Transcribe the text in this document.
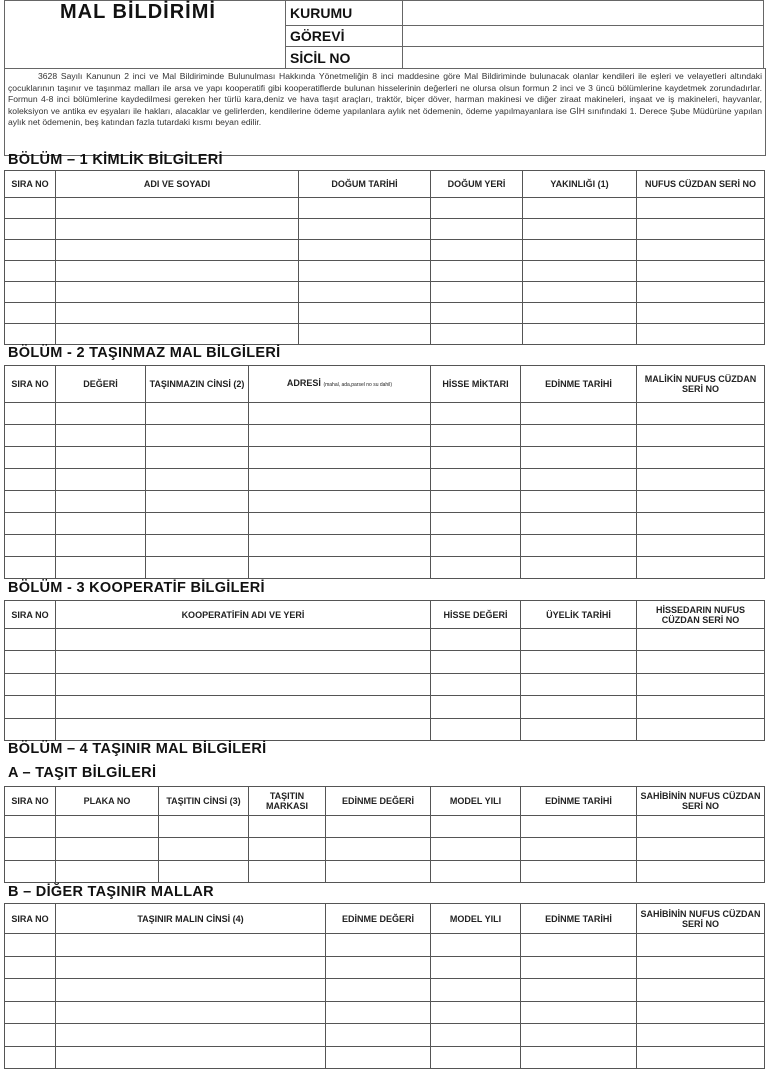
MAL BİLDİRİMİ	KURUMU	
	GÖREVİ	
	SİCİL NO	
3628 Sayılı Kanunun 2 inci ve Mal Bildiriminde Bulunulması Hakkında Yönetmeliğin 8 inci maddesine göre Mal Bildiriminde bulunacak olanlar kendileri ile eşleri ve velayetleri altındaki çocuklarının taşınır ve taşınmaz malları ile arsa ve yapı kooperatifi gibi kooperatiflerde bulunan hisselerinin değerleri ne olursa olsun formun 2 inci ve 3 üncü bölümlerine kaydetmek zorundadırlar. Formun 4-8 inci bölümlerine kaydedilmesi gereken her türlü kara,deniz ve hava taşıt araçları, traktör, biçer döver, harman makinesi ve diğer ziraat makineleri, inşaat ve iş makineleri, hayvanlar, koleksiyon ve antika ev eşyaları ile hakları, alacaklar ve gelirlerden, kendilerine ödeme yapılanlara aylık net ödemenin, ödeme yapılmayanlara ise GİH sınıfındaki 1. Derece Şube Müdürüne yapılan aylık net ödemenin, beş katından fazla tutardaki kısmı beyan edilir.
BÖLÜM – 1 KİMLİK BİLGİLERİ
SIRA NO	ADI VE SOYADI	DOĞUM TARİHİ	DOĞUM YERİ	YAKINLIĞI (1)	NUFUS CÜZDAN SERİ NO

BÖLÜM - 2 TAŞINMAZ MAL BİLGİLERİ
SIRA NO	DEĞERİ	TAŞINMAZIN CİNSİ (2)	ADRESİ (mahal, ada,parsel no su dahil)	HİSSE MİKTARI	EDİNME TARİHİ	MALİKİN NUFUS CÜZDAN SERİ NO

BÖLÜM - 3 KOOPERATİF BİLGİLERİ
SIRA NO	KOOPERATİFİN ADI VE YERİ	HİSSE DEĞERİ	ÜYELİK TARİHİ	HİSSEDARIN NUFUS CÜZDAN SERİ NO

BÖLÜM – 4 TAŞINIR MAL BİLGİLERİ
A – TAŞIT BİLGİLERİ
SIRA NO	PLAKA NO	TAŞITIN CİNSİ (3)	TAŞITIN MARKASI	EDİNME DEĞERİ	MODEL YILI	EDİNME TARİHİ	SAHİBİNİN NUFUS CÜZDAN SERİ NO

B – DİĞER TAŞINIR MALLAR
SIRA NO	TAŞINIR MALIN CİNSİ (4)	EDİNME DEĞERİ	MODEL YILI	EDİNME TARİHİ	SAHİBİNİN NUFUS CÜZDAN SERİ NO
